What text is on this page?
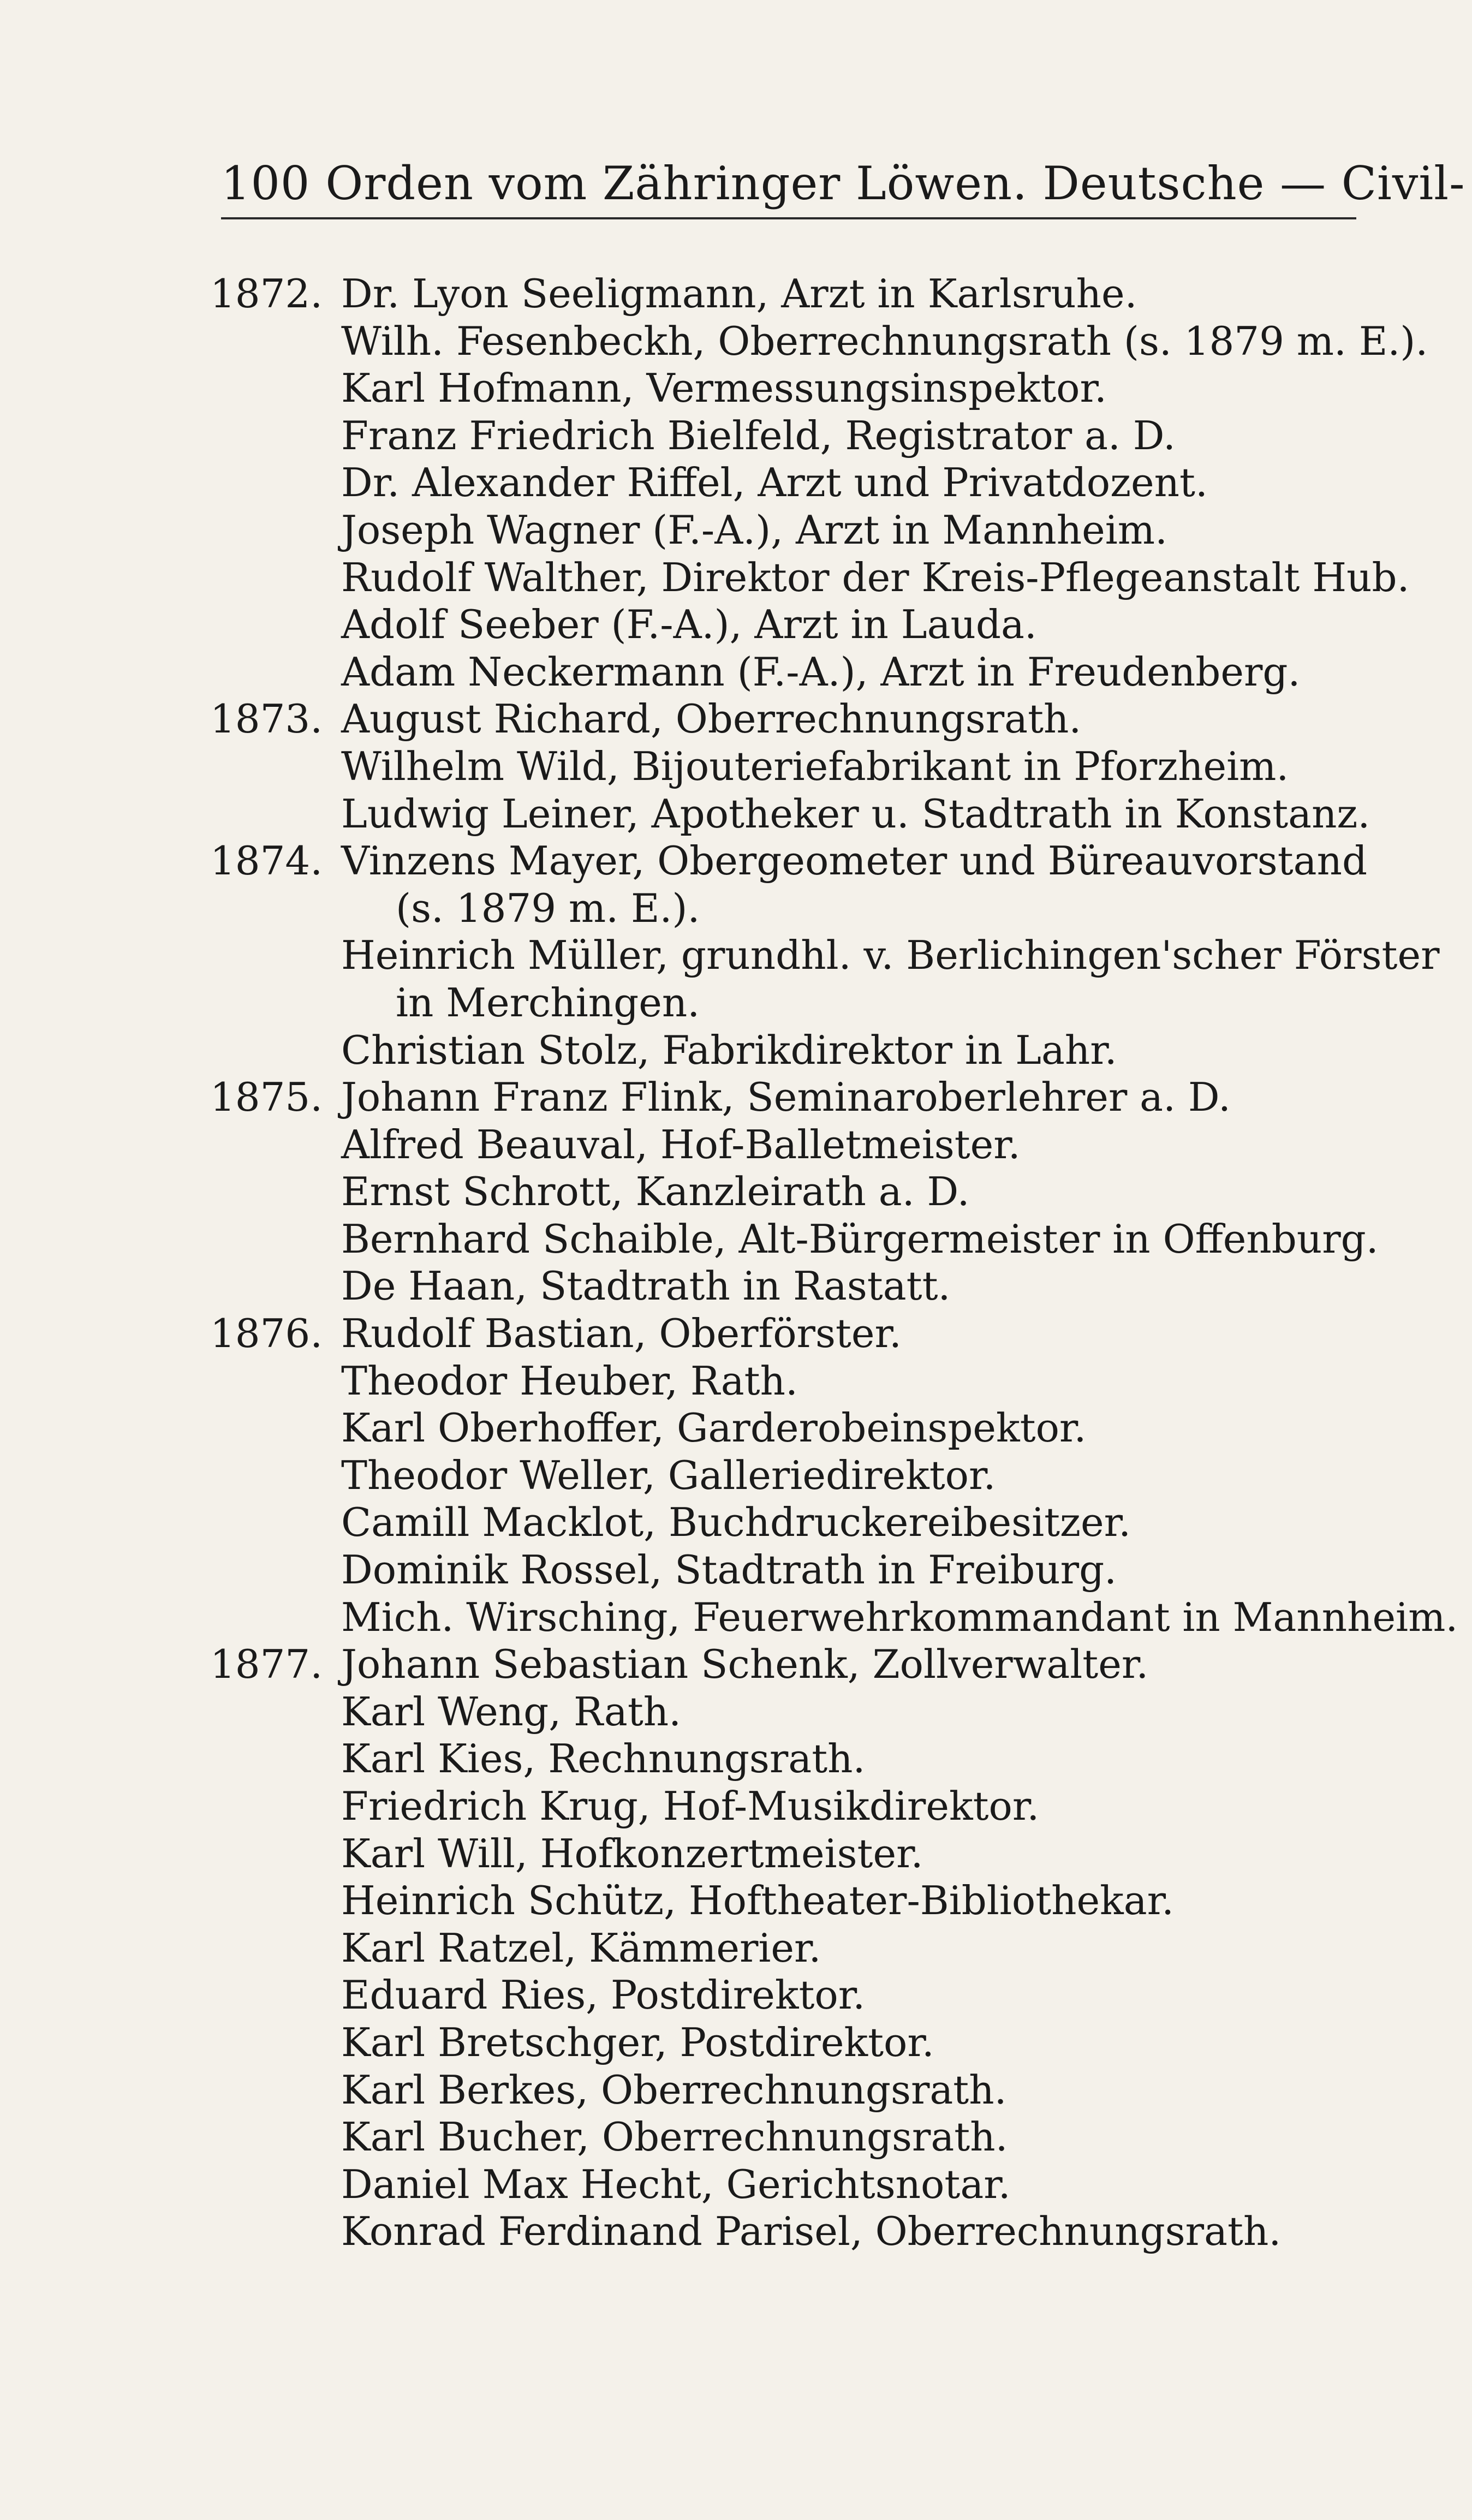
100 Orden vom Zähringer Löwen. Deutsche — Civil-
1872. Dr. Lyon Seeligmann, Arzt in Karlsruhe.
Wilh. Fesenbeckh, Oberrechnungsrath (s. 1879 m. E.).
Karl Hofmann, Vermessungsinspektor.
Franz Friedrich Bielfeld, Registrator a. D.
Dr. Alexander Riffel, Arzt und Privatdozent.
Joseph Wagner (F.-A.), Arzt in Mannheim.
Rudolf Walther, Direktor der Kreis-Pflegeanstalt Hub.
Adolf Seeber (F.-A.), Arzt in Lauda.
Adam Neckermann (F.-A.), Arzt in Freudenberg.
1873. August Richard, Oberrechnungsrath.
Wilhelm Wild, Bijouteriefabrikant in Pforzheim.
Ludwig Leiner, Apotheker u. Stadtrath in Konstanz.
1874. Vinzens Mayer, Obergeometer und Büreauvorstand
(s. 1879 m. E.).
Heinrich Müller, grundhl. v. Berlichingen'scher Förster
in Merchingen.
Christian Stolz, Fabrikdirektor in Lahr.
1875. Johann Franz Flink, Seminaroberlehrer a. D.
Alfred Beauval, Hof-Balletmeister.
Ernst Schrott, Kanzleirath a. D.
Bernhard Schaible, Alt-Bürgermeister in Offenburg.
De Haan, Stadtrath in Rastatt.
1876. Rudolf Bastian, Oberförster.
Theodor Heuber, Rath.
Karl Oberhoffer, Garderobeinspektor.
Theodor Weller, Galleriedirektor.
Camill Macklot, Buchdruckereibesitzer.
Dominik Rossel, Stadtrath in Freiburg.
Mich. Wirsching, Feuerwehrkommandant in Mannheim.
1877. Johann Sebastian Schenk, Zollverwalter.
Karl Weng, Rath.
Karl Kies, Rechnungsrath.
Friedrich Krug, Hof-Musikdirektor.
Karl Will, Hofkonzertmeister.
Heinrich Schütz, Hoftheater-Bibliothekar.
Karl Ratzel, Kämmerier.
Eduard Ries, Postdirektor.
Karl Bretschger, Postdirektor.
Karl Berkes, Oberrechnungsrath.
Karl Bucher, Oberrechnungsrath.
Daniel Max Hecht, Gerichtsnotar.
Konrad Ferdinand Parisel, Oberrechnungsrath.
